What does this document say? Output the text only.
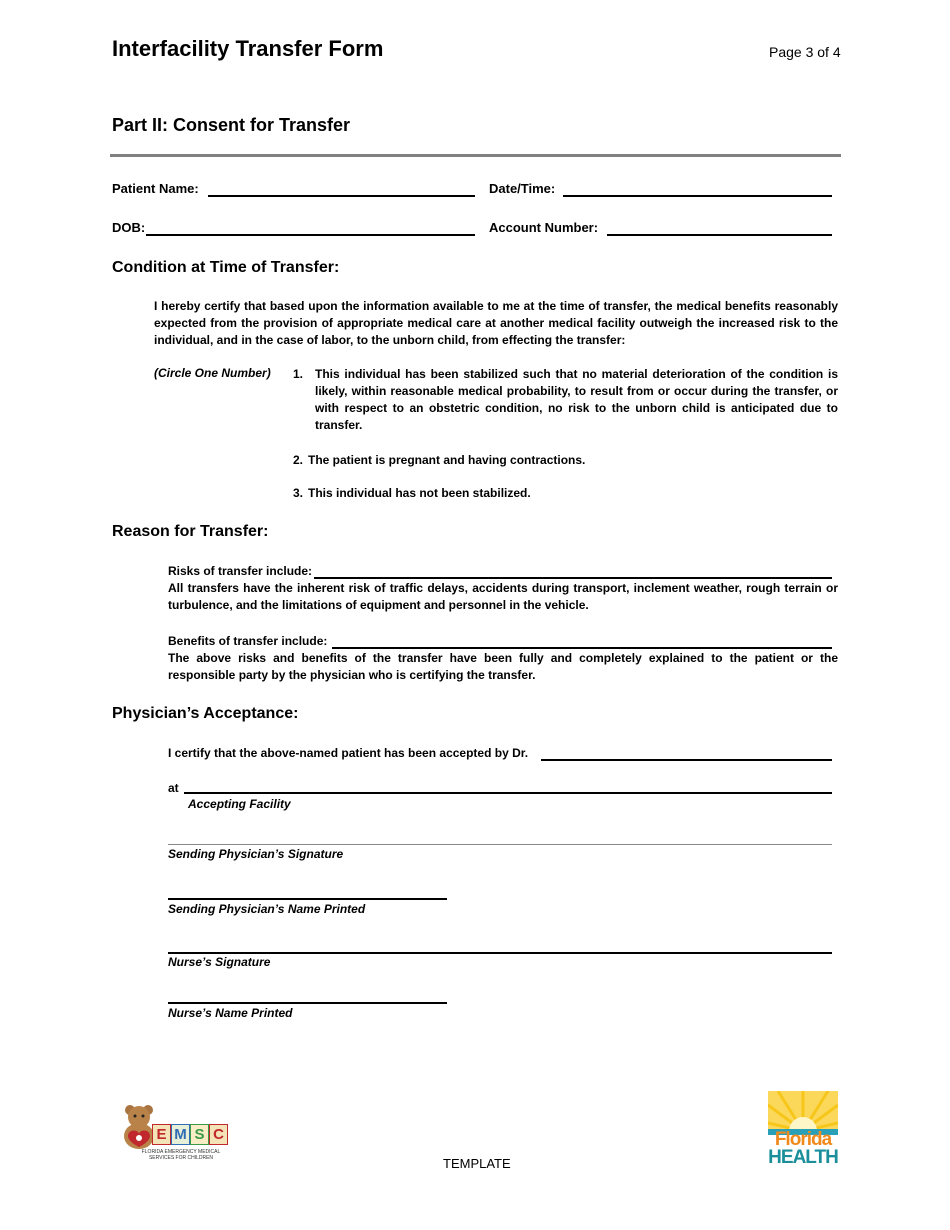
Interfacility Transfer Form	Page 3 of 4
Part II: Consent for Transfer
Patient Name:	Date/Time:
DOB:	Account Number:
Condition at Time of Transfer:
I hereby certify that based upon the information available to me at the time of transfer, the medical benefits reasonably expected from the provision of appropriate medical care at another medical facility outweigh the increased risk to the individual, and in the case of labor, to the unborn child, from effecting the transfer:
(Circle One Number) 1. This individual has been stabilized such that no material deterioration of the condition is likely, within reasonable medical probability, to result from or occur during the transfer, or with respect to an obstetric condition, no risk to the unborn child is anticipated due to transfer.
2. The patient is pregnant and having contractions.
3. This individual has not been stabilized.
Reason for Transfer:
Risks of transfer include:
All transfers have the inherent risk of traffic delays, accidents during transport, inclement weather, rough terrain or turbulence, and the limitations of equipment and personnel in the vehicle.
Benefits of transfer include:
The above risks and benefits of the transfer have been fully and completely explained to the patient or the responsible party by the physician who is certifying the transfer.
Physician’s Acceptance:
I certify that the above-named patient has been accepted by Dr.
at
Accepting Facility
Sending Physician’s Signature
Sending Physician’s Name Printed
Nurse’s Signature
Nurse’s Name Printed
E M S C
FLORIDA EMERGENCY MEDICAL
SERVICES FOR CHILDREN	TEMPLATE
Florida
HEALTH
